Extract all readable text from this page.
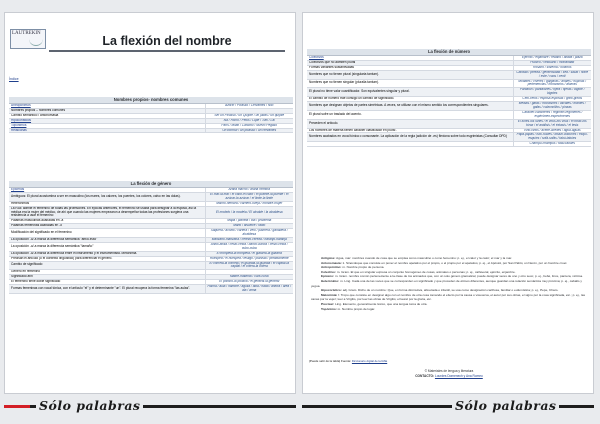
LAUTREKIN
La flexión del nombre
Índice
Nombres propios- nombres comunes	
Antropónimos	Azorín / Picasso / Cervantes / Nilo
Nombres propios – nombres comunes	
Cambio semántico / antonomasia	Ser un Picasso / un Quijote / un judas / un quijote
Hipocorísticos	Isa / Rocío / Pelus / Lupe / Tuni / Lal
Topónimos	París / Milán / Caracoli / Nuevo Pegaso
Relacionas	Un Borrow / un picasso / un cervantes
La flexión de género	
Epicenos	Araña macho / araña hembra
Ambiguos: El plural acostumbra a ser en masculino (los mares, los calores, los puentes, los colores, calvo en las dolas).	El mar-la mar / el calor-el calor / el puente-la puente / el azúcar-la azúcar / el linde-la linde
Heterónimos	Macho-hembra / carnero-oveja / hombre-mujer
La RAE admite el femenino de todas las profesiones. En épocas anteriores, el femenino se usaba para designar a la esposa, así la médica era la mujer del médico, de ahí que cuando las mujeres empezaron a desempeñar todas las profesiones surgiera una resistencia a usar el femenino	El modelo / la modela / El alcalde / la alcaldesa
Palabras masculinas acabadas en -a	Mapa / planeta / día / problema
Palabras femeninas acabadas en -o	Mano / disuelve / radio
Modificación del significado en el femenino	Saquera / acólito / cartera / velo / palmera / ganadera / alcaldesa
La oposición -o/-a marca la diferencia semántica "árbol-fruto"	Manzano-manzana / cerezo-cereza / naranjo-naranja
La oposición -o/-a marca la diferencia semántica "tamaño"	Anillo-anilla / cesto-cesta / banco-banca / cesto-cesta / cubo-cuba
La oposición -o/-a marca la diferencia entre el instrumento y el instrumentista. Metonimia.	El trompeta-la trompeta / el guitarra-la guitarra
Precisan el artículo (o el contexto lingüístico) para diferenciar el género.	Huésped / el huésped / testigo / pianista / perdidamente
Cambio de significado	El cometa-la cometa / el guardia-la guardia / el capital-la capital / el cólera-la cólera
Género en femenino	
Significado afín	Madre-madrina / cura-curía
El femenino tiene doble significado	El político-la política / el general-la general
Formas femeninas con vocal tónica, con el artículo "el" y el determinante "un". El plural recupera la forma femenina "las aulas".	Hacha / aula / hambre / águila / alba / hada / ánfora / área / ala / arma
La flexión de número	
Colectivos	Ejército / enjambre / rebaño / alfalfa / plaza
Colectivos que no admiten plural	Público / vestuario / mortandad
Formas variantes sustantivadas	Rosario / sistema / octanos
Nombres que no tienen plural (singularia tantum).	Caridad / pereza / generosidad / sed / salud / norte / este / caos / cenit
Nombres que no tienen singular (pluralia tantum).	Modales / víveres / gárgaras / anales / nupcias / pertenencias / honorarios / afueras
El plural no tiene valor cuantificador. Son equivalentes singular y plural.	Pantalón / pantalones / tijera / tijeras / bigote / bigotes
El cambio de número trae consigo un cambio de significado.	Celo-celos / esposa-esposas / grillo-grillos
Nombres que designan objetos de partes simétricas. A veces, se utilizan con el mismo sentido los correspondientes singulares.	Medias / gafas / mocasines / alicates / tirantes / gafas / calzoncillos / pinzas
El plural sufre un traslado del acento.	Carácter-caracteres / régimen-regímenes / espécimen-especímenes
Preceden el artículo.	El lunes-los lunes / el virus-los virus / el tórax-los tórax / el análisis / el éxtasis / el tesis
Los nombres de materia tienen carácter clasificador en plural .	Vino-vinos / aceite-aceites / agua-aguas
Nombres acabados en vocal tónica o consonante. La aplicación de la regla (adición de -es) flexiona sobre todo esgrimistas (Consultar DPD)	Papá-papás / rubí-rubíes / bisturí-bisturíes / esquí-esquíes / sofá-sofás / tabú-tabúes
	Champú-champús / tabú-tabúes

Antigüos: Agua, mar: nombres cuando de cosa que se emplea como masculino o como femenino: p. ej., el calor y la calor; el mar y la mar.

Antonomasia: 1. Sinécdoque que consiste en poner el nombre apelativo por el propio, o el propio por el apelativo; p. ej., el Apóstol, por San Pablo; un Nerón, por un hombre cruel.

Antropónimo: m. Nombre propio de persona.

Colectivo: m. Gram. El que en singular expresa un conjunto homogéneo de cosas, animales o personas; p. ej., cañaveral, ejército, enjambre.

Epiceno: m. Gram. nombre común perteneciente a la clase de los animados que, con un solo género gramatical, puede designar seres de uno y otro sexo; p. ej., bebé, lince, pantera, víctima.

Heterónimo: m. Ling. Cada una de las voces que se corresponden en significado y que proceden de étimos diferentes, aunque guardan una relación semántica muy próxima; p. ej., caballo y yegua.

Hipocorístico: adj. Gram. Dicho de un nombre: Que, en forma diminutiva, abreviada o infantil, se usa como designación cariñosa, familiar o eufemística; p. ej., Pepe, Charo.

Metonimia: f. Tropo que consiste en designar algo con el nombre de otra cosa tomando el efecto por la causa o viceversa, el autor por sus obras, el signo por la cosa significada, etc.; p. ej., las canas por la vejez; leer a Virgilio, por leer las obras de Virgilio; el laurel por la gloria, etc.

Precisar: Ling. Elemento, generalmente léxico, que una lengua toma de otra.

Topónimo: m. Nombre propio de lugar.

(Puede salir de la tabla) Fuente: Diccionario digital de la RAE
© Materiales de lengua y literatura
CONTACTO: Lourdes Domenech y Ana Romeo
Sólo palabras	Sólo palabras
